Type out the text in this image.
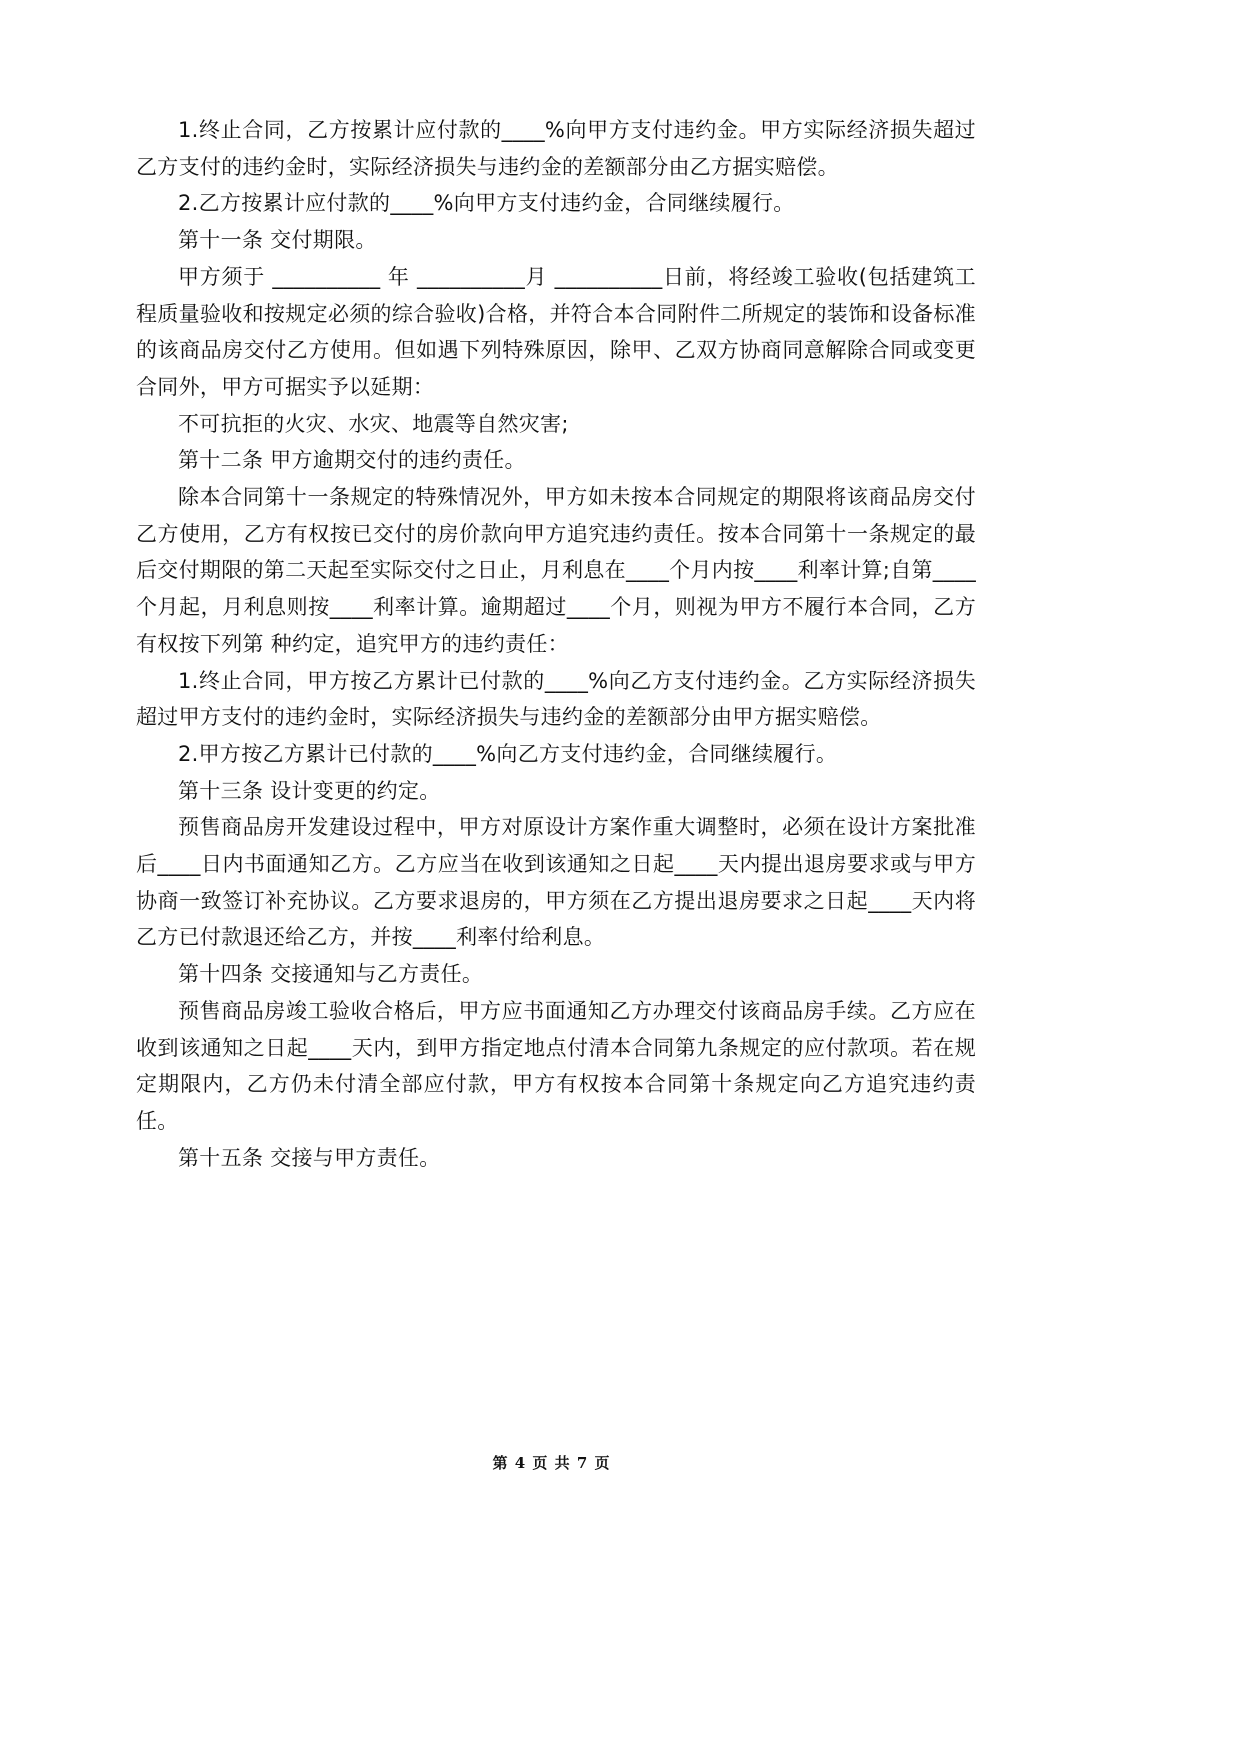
1.终止合同，乙方按累计应付款的____%向甲方支付违约金。甲方实际经济损失超过乙方支付的违约金时，实际经济损失与违约金的差额部分由乙方据实赔偿。

2.乙方按累计应付款的____%向甲方支付违约金，合同继续履行。

第十一条 交付期限。

甲方须于 __________ 年 __________月 __________日前，将经竣工验收(包括建筑工程质量验收和按规定必须的综合验收)合格，并符合本合同附件二所规定的装饰和设备标准的该商品房交付乙方使用。但如遇下列特殊原因，除甲、乙双方协商同意解除合同或变更合同外，甲方可据实予以延期：

不可抗拒的火灾、水灾、地震等自然灾害;

第十二条 甲方逾期交付的违约责任。

除本合同第十一条规定的特殊情况外，甲方如未按本合同规定的期限将该商品房交付乙方使用，乙方有权按已交付的房价款向甲方追究违约责任。按本合同第十一条规定的最后交付期限的第二天起至实际交付之日止，月利息在____个月内按____利率计算;自第____个月起，月利息则按____利率计算。逾期超过____个月，则视为甲方不履行本合同，乙方有权按下列第 种约定，追究甲方的违约责任：

1.终止合同，甲方按乙方累计已付款的____%向乙方支付违约金。乙方实际经济损失超过甲方支付的违约金时，实际经济损失与违约金的差额部分由甲方据实赔偿。

2.甲方按乙方累计已付款的____%向乙方支付违约金，合同继续履行。

第十三条 设计变更的约定。

预售商品房开发建设过程中，甲方对原设计方案作重大调整时，必须在设计方案批准后____日内书面通知乙方。乙方应当在收到该通知之日起____天内提出退房要求或与甲方协商一致签订补充协议。乙方要求退房的，甲方须在乙方提出退房要求之日起____天内将乙方已付款退还给乙方，并按____利率付给利息。

第十四条 交接通知与乙方责任。

预售商品房竣工验收合格后，甲方应书面通知乙方办理交付该商品房手续。乙方应在收到该通知之日起____天内，到甲方指定地点付清本合同第九条规定的应付款项。若在规定期限内，乙方仍未付清全部应付款，甲方有权按本合同第十条规定向乙方追究违约责任。

第十五条 交接与甲方责任。

第 4 页 共 7 页
